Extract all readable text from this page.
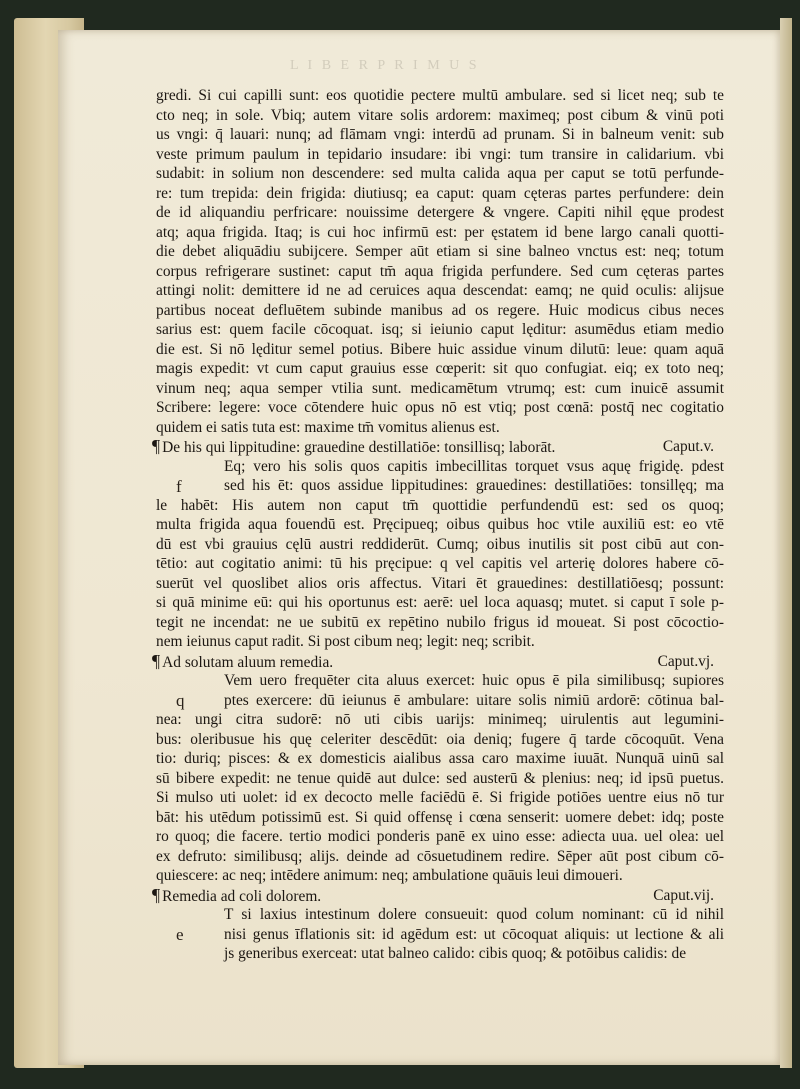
L I B E R P R I M U S
gredi. Si cui capilli sunt: eos quotidie pectere multū ambulare. sed si licet neq; sub te
cto neq; in sole. Vbiq; autem vitare solis ardorem: maximeq; post cibum & vinū poti
us vngi: q̄ lauari: nunq; ad flāmam vngi: interdū ad prunam. Si in balneum venit: sub
veste primum paulum in tepidario insudare: ibi vngi: tum transire in calidarium. vbi
sudabit: in solium non descendere: sed multa calida aqua per caput se totū perfunde-
re: tum trepida: dein frigida: diutiusq; ea caput: quam cęteras partes perfundere: dein
de id aliquandiu perfricare: nouissime detergere & vngere. Capiti nihil ęque prodest
atq; aqua frigida. Itaq; is cui hoc infirmū est: per ęstatem id bene largo canali quotti-
die debet aliquādiu subijcere. Semper aūt etiam si sine balneo vnctus est: neq; totum
corpus refrigerare sustinet: caput tm̄ aqua frigida perfundere. Sed cum cęteras partes
attingi nolit: demittere id ne ad ceruices aqua descendat: eamq; ne quid oculis: alijsue
partibus noceat defluētem subinde manibus ad os regere. Huic modicus cibus neces
sarius est: quem facile cōcoquat. isq; si ieiunio caput lęditur: asumēdus etiam medio
die est. Si nō lęditur semel potius. Bibere huic assidue vinum dilutū: leue: quam aquā
magis expedit: vt cum caput grauius esse cœperit: sit quo confugiat. eiq; ex toto neq;
vinum neq; aqua semper vtilia sunt. medicamētum vtrumq; est: cum inuicē assumit
Scribere: legere: voce cōtendere huic opus nō est vtiq; post cœnā: postq̄ nec cogitatio
quidem ei satis tuta est: maxime tm̄ vomitus alienus est.
¶ De his qui lippitudine: grauedine destillatiōe: tonsillisq; laborāt.	Caput.v.
f
Eq; vero his solis quos capitis imbecillitas torquet vsus aquę frigidę. pdest
sed his ēt: quos assidue lippitudines: grauedines: destillatiōes: tonsillęq; ma
le habēt: His autem non caput tm̄ quottidie perfundendū est: sed os quoq;
multa frigida aqua fouendū est. Pręcipueq; oibus quibus hoc vtile auxiliū est: eo vtē
dū est vbi grauius cęlū austri reddiderūt. Cumq; oibus inutilis sit post cibū aut con-
tētio: aut cogitatio animi: tū his pręcipue: q vel capitis vel arterię dolores habere cō-
suerūt vel quoslibet alios oris affectus. Vitari ēt grauedines: destillatiōesq; possunt:
si quā minime eū: qui his oportunus est: aerē: uel loca aquasq; mutet. si caput ī sole p-
tegit ne incendat: ne ue subitū ex repētino nubilo frigus id moueat. Si post cōcoctio-
nem ieiunus caput radit. Si post cibum neq; legit: neq; scribit.
¶ Ad solutam aluum remedia.	Caput.vj.
q
Vem uero frequēter cita aluus exercet: huic opus ē pila similibusq; supiores
ptes exercere: dū ieiunus ē ambulare: uitare solis nimiū ardorē: cōtinua bal-
nea: ungi citra sudorē: nō uti cibis uarijs: minimeq; uirulentis aut legumini-
bus: oleribusue his quę celeriter descēdūt: oia deniq; fugere q̄ tarde cōcoquūt. Vena
tio: duriq; pisces: & ex domesticis aialibus assa caro maxime iuuāt. Nunquā uinū sal
sū bibere expedit: ne tenue quidē aut dulce: sed austerū & plenius: neq; id ipsū puetus.
Si mulso uti uolet: id ex decocto melle faciēdū ē. Si frigide potiōes uentre eius nō tur
bāt: his utēdum potissimū est. Si quid offensę i cœna senserit: uomere debet: idq; poste
ro quoq; die facere. tertio modici ponderis panē ex uino esse: adiecta uua. uel olea: uel
ex defruto: similibusq; alijs. deinde ad cōsuetudinem redire. Sēper aūt post cibum cō-
quiescere: ac neq; intēdere animum: neq; ambulatione quāuis leui dimoueri.
¶ Remedia ad coli dolorem.	Caput.vij.
e
T si laxius intestinum dolere consueuit: quod colum nominant: cū id nihil
nisi genus īflationis sit: id agēdum est: ut cōcoquat aliquis: ut lectione & ali
js generibus exerceat: utat balneo calido: cibis quoq; & potōibus calidis: de
